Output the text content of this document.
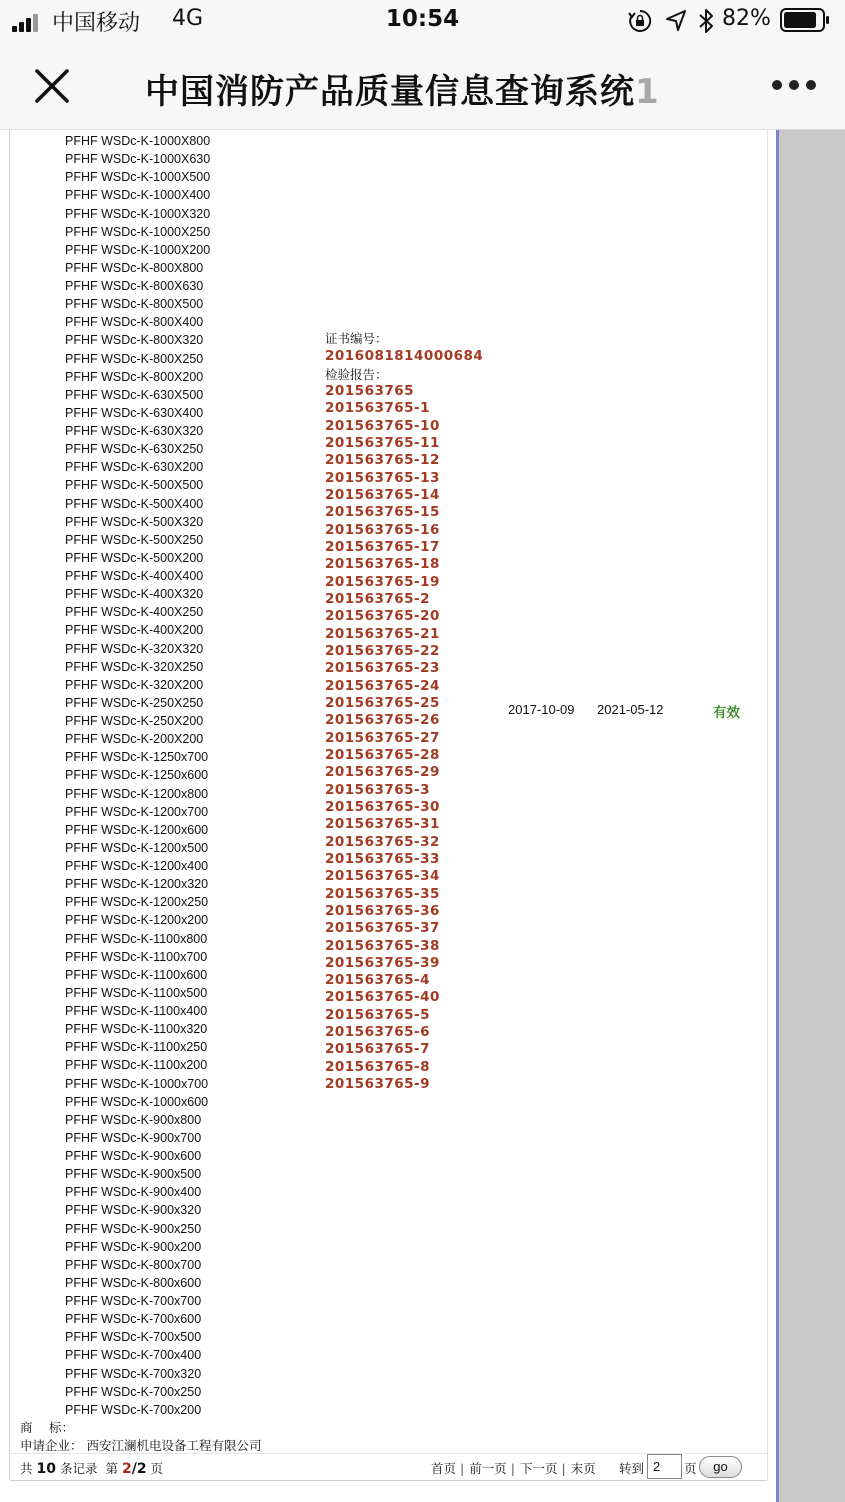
中国移动 4G	10:54	82%
中国消防产品质量信息查询系统1
PFHF WSDc-K-1000X800
PFHF WSDc-K-1000X630
PFHF WSDc-K-1000X500
PFHF WSDc-K-1000X400
PFHF WSDc-K-1000X320
PFHF WSDc-K-1000X250
PFHF WSDc-K-1000X200
PFHF WSDc-K-800X800
PFHF WSDc-K-800X630
PFHF WSDc-K-800X500
PFHF WSDc-K-800X400
PFHF WSDc-K-800X320
PFHF WSDc-K-800X250
PFHF WSDc-K-800X200
PFHF WSDc-K-630X500
PFHF WSDc-K-630X400
PFHF WSDc-K-630X320
PFHF WSDc-K-630X250
PFHF WSDc-K-630X200
PFHF WSDc-K-500X500
PFHF WSDc-K-500X400
PFHF WSDc-K-500X320
PFHF WSDc-K-500X250
PFHF WSDc-K-500X200
PFHF WSDc-K-400X400
PFHF WSDc-K-400X320
PFHF WSDc-K-400X250
PFHF WSDc-K-400X200
PFHF WSDc-K-320X320
PFHF WSDc-K-320X250
PFHF WSDc-K-320X200
PFHF WSDc-K-250X250
PFHF WSDc-K-250X200
PFHF WSDc-K-200X200
PFHF WSDc-K-1250x700
PFHF WSDc-K-1250x600
PFHF WSDc-K-1200x800
PFHF WSDc-K-1200x700
PFHF WSDc-K-1200x600
PFHF WSDc-K-1200x500
PFHF WSDc-K-1200x400
PFHF WSDc-K-1200x320
PFHF WSDc-K-1200x250
PFHF WSDc-K-1200x200
PFHF WSDc-K-1100x800
PFHF WSDc-K-1100x700
PFHF WSDc-K-1100x600
PFHF WSDc-K-1100x500
PFHF WSDc-K-1100x400
PFHF WSDc-K-1100x320
PFHF WSDc-K-1100x250
PFHF WSDc-K-1100x200
PFHF WSDc-K-1000x700
PFHF WSDc-K-1000x600
PFHF WSDc-K-900x800
PFHF WSDc-K-900x700
PFHF WSDc-K-900x600
PFHF WSDc-K-900x500
PFHF WSDc-K-900x400
PFHF WSDc-K-900x320
PFHF WSDc-K-900x250
PFHF WSDc-K-900x200
PFHF WSDc-K-800x700
PFHF WSDc-K-800x600
PFHF WSDc-K-700x700
PFHF WSDc-K-700x600
PFHF WSDc-K-700x500
PFHF WSDc-K-700x400
PFHF WSDc-K-700x320
PFHF WSDc-K-700x250
PFHF WSDc-K-700x200
证书编号：
2016081814000684
检验报告：
201563765
201563765-1
201563765-10
201563765-11
201563765-12
201563765-13
201563765-14
201563765-15
201563765-16
201563765-17
201563765-18
201563765-19
201563765-2
201563765-20
201563765-21
201563765-22
201563765-23
201563765-24
201563765-25
201563765-26
201563765-27
201563765-28
201563765-29
201563765-3
201563765-30
201563765-31
201563765-32
201563765-33
201563765-34
201563765-35
201563765-36
201563765-37
201563765-38
201563765-39
201563765-4
201563765-40
201563765-5
201563765-6
201563765-7
201563765-8
201563765-9
2017-10-09 2021-05-12	有效
商　 标：
申请企业： 西安江澜机电设备工程有限公司
共 10 条记录 第 2/2 页	首页 | 前一页 | 下一页 | 末页 转到
2	页	go
